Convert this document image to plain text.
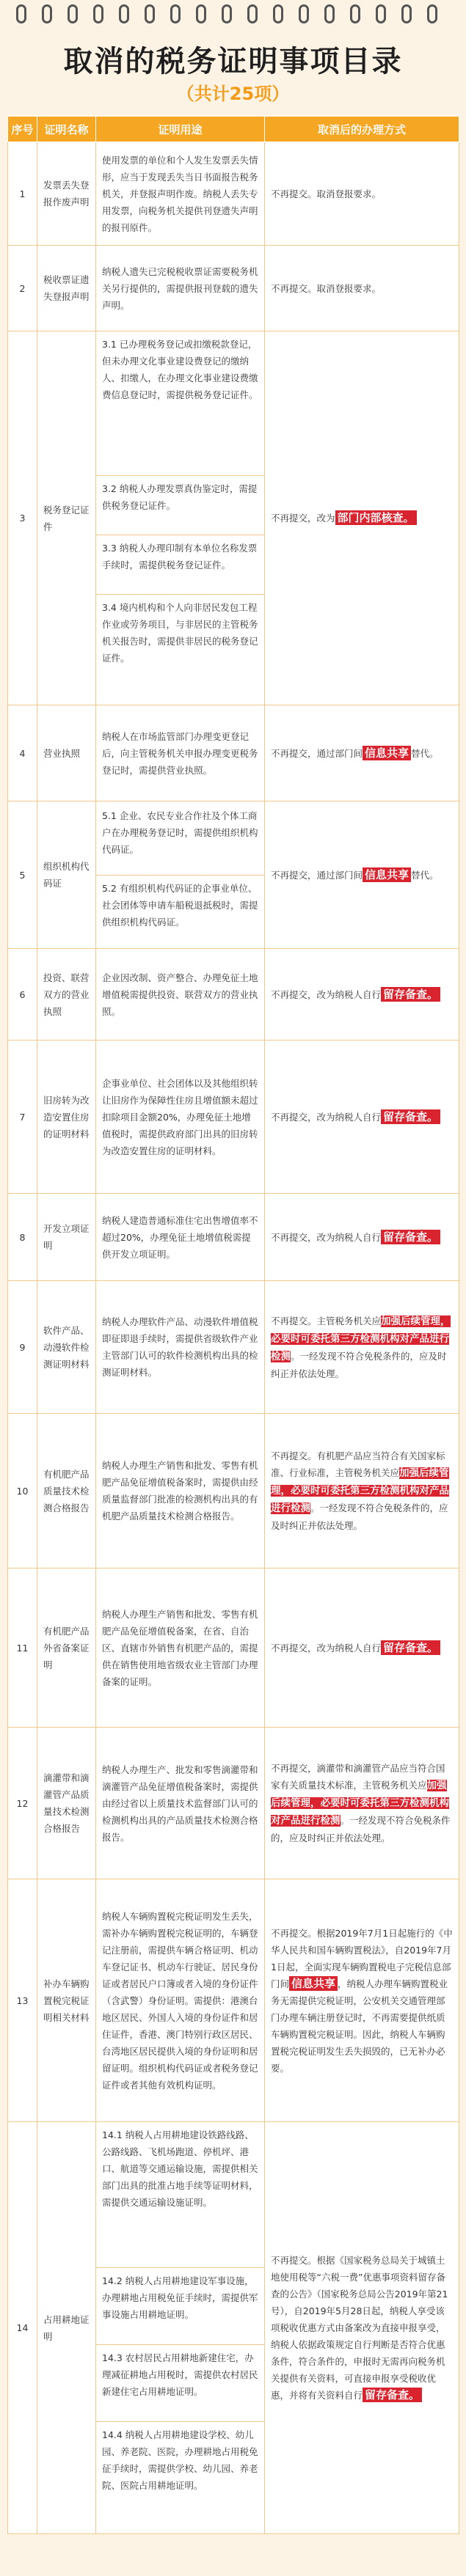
取消的税务证明事项目录
（共计25项）
序号	证明名称	证明用途	取消后的办理方式
1	发票丢失登报作废声明	使用发票的单位和个人发生发票丢失情形，应当于发现丢失当日书面报告税务机关，并登报声明作废。纳税人丢失专用发票，向税务机关提供刊登遗失声明的报刊原件。	不再提交。取消登报要求。
2	税收票证遗失登报声明	纳税人遗失已完税税收票证需要税务机关另行提供的，需提供报刊登载的遗失声明。	不再提交。取消登报要求。
3	税务登记证件	3.1 已办理税务登记或扣缴税款登记，但未办理文化事业建设费登记的缴纳人、扣缴人，在办理文化事业建设费缴费信息登记时，需提供税务登记证件。
3.2 纳税人办理发票真伪鉴定时，需提供税务登记证件。
3.3 纳税人办理印制有本单位名称发票手续时，需提供税务登记证件。
3.4 境内机构和个人向非居民发包工程作业或劳务项目，与非居民的主管税务机关报告时，需提供非居民的税务登记证件。	不再提交，改为 部门内部核查。
4	营业执照	纳税人在市场监管部门办理变更登记后，向主管税务机关申报办理变更税务登记时，需提供营业执照。	不再提交，通过部门间 信息共享 替代。
5	组织机构代码证	5.1 企业、农民专业合作社及个体工商户在办理税务登记时，需提供组织机构代码证。
5.2 有组织机构代码证的企事业单位、社会团体等申请车船税退抵税时，需提供组织机构代码证。	不再提交，通过部门间 信息共享 替代。
6	投资、联营双方的营业执照	企业因改制、资产整合、办理免征土地增值税需提供投资、联营双方的营业执照。	不再提交，改为纳税人自行 留存备查。
7	旧房转为改造安置住房的证明材料	企事业单位、社会团体以及其他组织转让旧房作为保障性住房且增值额未超过扣除项目金额20%，办理免征土地增值税时，需提供政府部门出具的旧房转为改造安置住房的证明材料。	不再提交，改为纳税人自行 留存备查。
8	开发立项证明	纳税人建造普通标准住宅出售增值率不超过20%，办理免征土地增值税需提供开发立项证明。	不再提交，改为纳税人自行 留存备查。
9	软件产品、动漫软件检测证明材料	纳税人办理软件产品、动漫软件增值税即征即退手续时，需提供省级软件产业主管部门认可的软件检测机构出具的检测证明材料。	不再提交。主管税务机关应加强后续管理，必要时可委托第三方检测机构对产品进行检测。一经发现不符合免税条件的，应及时纠正并依法处理。
10	有机肥产品质量技术检测合格报告	纳税人办理生产销售和批发、零售有机肥产品免征增值税备案时，需提供由经质量监督部门批准的检测机构出具的有机肥产品质量技术检测合格报告。	不再提交。有机肥产品应当符合有关国家标准、行业标准，主管税务机关应加强后续管理，必要时可委托第三方检测机构对产品进行检测。一经发现不符合免税条件的，应及时纠正并依法处理。
11	有机肥产品外省备案证明	纳税人办理生产销售和批发、零售有机肥产品免征增值税备案，在省、自治区、直辖市外销售有机肥产品的，需提供在销售使用地省级农业主管部门办理备案的证明。	不再提交，改为纳税人自行 留存备查。
12	滴灌带和滴灌管产品质量技术检测合格报告	纳税人办理生产、批发和零售滴灌带和滴灌管产品免征增值税备案时，需提供由经过省以上质量技术监督部门认可的检测机构出具的产品质量技术检测合格报告。	不再提交，滴灌带和滴灌管产品应当符合国家有关质量技术标准，主管税务机关应加强后续管理，必要时可委托第三方检测机构对产品进行检测。一经发现不符合免税条件的，应及时纠正并依法处理。
13	补办车辆购置税完税证明相关材料	纳税人车辆购置税完税证明发生丢失，需补办车辆购置税完税证明的，车辆登记注册前，需提供车辆合格证明、机动车登记证书、机动车行驶证、居民身份证或者居民户口簿或者入境的身份证件（含武警）身份证明。需提供：港澳台地区居民、外国人入境的身份证件和居住证件，香港、澳门特别行政区居民、台湾地区居民提供入境的身份证明和居留证明。组织机构代码证或者税务登记证件或者其他有效机构证明。	不再提交。根据2019年7月1日起施行的《中华人民共和国车辆购置税法》，自2019年7月1日起，全面实现车辆购置税电子完税信息部门间 信息共享 ，纳税人办理车辆购置税业务无需提供完税证明，公安机关交通管理部门办理车辆注册登记时，不再需要提供纸质车辆购置税完税证明。因此，纳税人车辆购置税完税证明发生丢失损毁的，已无补办必要。
14	占用耕地证明	14.1 纳税人占用耕地建设铁路线路、公路线路、飞机场跑道、停机坪、港口、航道等交通运输设施，需提供相关部门出具的批准占地手续等证明材料，需提供交通运输设施证明。
14.2 纳税人占用耕地建设军事设施，办理耕地占用税免征手续时，需提供军事设施占用耕地证明。
14.3 农村居民占用耕地新建住宅，办理减征耕地占用税时，需提供农村居民新建住宅占用耕地证明。
14.4 纳税人占用耕地建设学校、幼儿园、养老院、医院，办理耕地占用税免征手续时，需提供学校、幼儿园、养老院、医院占用耕地证明。	不再提交。根据《国家税务总局关于城镇土地使用税等“六税一费”优惠事项资料留存备查的公告》（国家税务总局公告2019年第21号），自2019年5月28日起，纳税人享受该项税收优惠方式由备案改为直接申报享受，纳税人依据政策规定自行判断是否符合优惠条件，符合条件的，申报时无需再向税务机关提供有关资料，可直接申报享受税收优惠，并将有关资料自行 留存备查。
